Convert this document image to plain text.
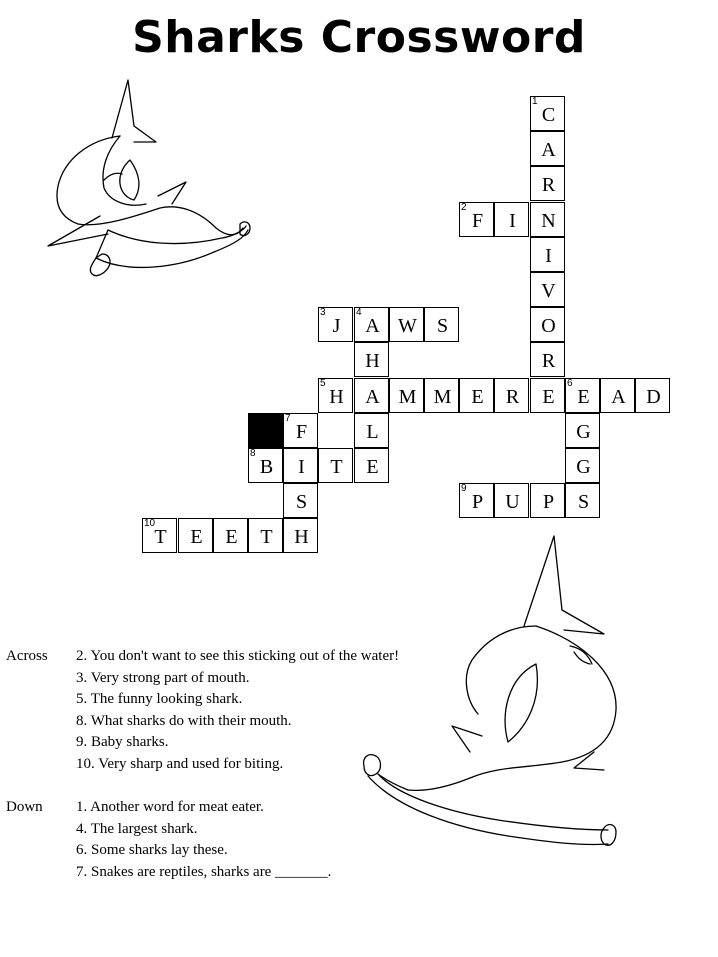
Sharks Crossword
1
C
A
R
N
I
V
O
R
E
2
F	I
3
J
4
A W	S
H
A
L
E
5
H	M M	E	R
6
E	A	D
G
G
S
7
F
I
S
H
8
B	T
9
P	U	P
10
T	E	E	T
Across 2. You don't want to see this sticking out of the water!
3. Very strong part of mouth.
5. The funny looking shark.
8. What sharks do with their mouth.
9. Baby sharks.
10. Very sharp and used for biting.
Down 1. Another word for meat eater.
4. The largest shark.
6. Some sharks lay these.
7. Snakes are reptiles, sharks are _______.
